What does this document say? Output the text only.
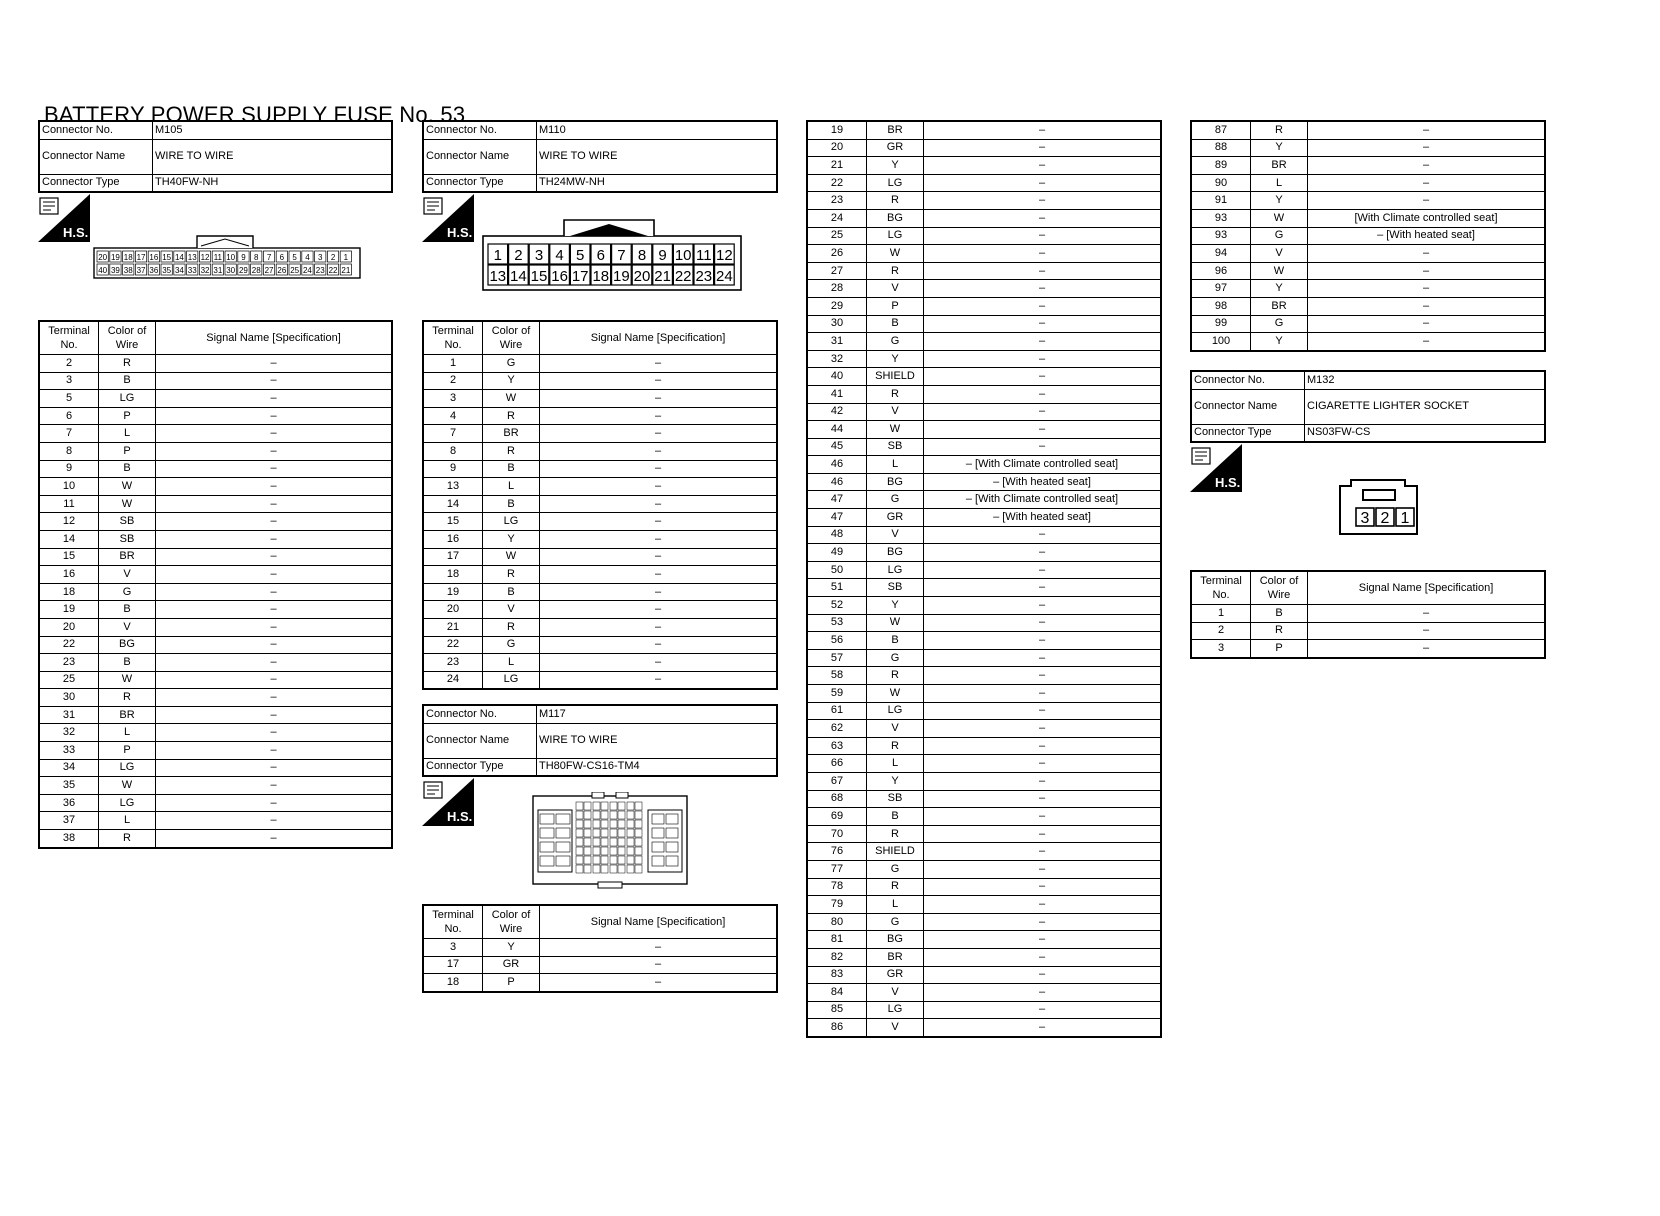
BATTERY POWER SUPPLY FUSE No. 53
Connector No.	M105
Connector Name	WIRE TO WIRE
Connector Type	TH40FW-NH
H.S.
20 19 18 17 16 15 14 13 12 11 10 9 8 7 6 5 4 3 2 1
40 39 38 37 36 35 34 33 32 31 30 29 28 27 26 25 24 23 22 21
Terminal No.	Color of Wire	Signal Name [Specification]
2	R	–
3	B	–
5	LG	–
6	P	–
7	L	–
8	P	–
9	B	–
10	W	–
11	W	–
12	SB	–
14	SB	–
15	BR	–
16	V	–
18	G	–
19	B	–
20	V	–
22	BG	–
23	B	–
25	W	–
30	R	–
31	BR	–
32	L	–
33	P	–
34	LG	–
35	W	–
36	LG	–
37	L	–
38	R	–
Connector No.	M110
Connector Name	WIRE TO WIRE
Connector Type	TH24MW-NH
H.S.
1 2 3 4 5 6 7 8 9 10 11 12
13 14 15 16 17 18 19 20 21 22 23 24
Terminal No.	Color of Wire	Signal Name [Specification]
1	G	–
2	Y	–
3	W	–
4	R	–
7	BR	–
8	R	–
9	B	–
13	L	–
14	B	–
15	LG	–
16	Y	–
17	W	–
18	R	–
19	B	–
20	V	–
21	R	–
22	G	–
23	L	–
24	LG	–
Connector No.	M117
Connector Name	WIRE TO WIRE
Connector Type	TH80FW-CS16-TM4
H.S.
Terminal No.	Color of Wire	Signal Name [Specification]
3	Y	–
17	GR	–
18	P	–
19	BR	–
20	GR	–
21	Y	–
22	LG	–
23	R	–
24	BG	–
25	LG	–
26	W	–
27	R	–
28	V	–
29	P	–
30	B	–
31	G	–
32	Y	–
40	SHIELD	–
41	R	–
42	V	–
44	W	–
45	SB	–
46	L	– [With Climate controlled seat]
46	BG	– [With heated seat]
47	G	– [With Climate controlled seat]
47	GR	– [With heated seat]
48	V	–
49	BG	–
50	LG	–
51	SB	–
52	Y	–
53	W	–
56	B	–
57	G	–
58	R	–
59	W	–
61	LG	–
62	V	–
63	R	–
66	L	–
67	Y	–
68	SB	–
69	B	–
70	R	–
76	SHIELD	–
77	G	–
78	R	–
79	L	–
80	G	–
81	BG	–
82	BR	–
83	GR	–
84	V	–
85	LG	–
86	V	–
87	R	–
88	Y	–
89	BR	–
90	L	–
91	Y	–
93	W	[With Climate controlled seat]
93	G	– [With heated seat]
94	V	–
96	W	–
97	Y	–
98	BR	–
99	G	–
100	Y	–
Connector No.	M132
Connector Name	CIGARETTE LIGHTER SOCKET
Connector Type	NS03FW-CS
H.S.
3 2 1
Terminal No.	Color of Wire	Signal Name [Specification]
1	B	–
2	R	–
3	P	–
